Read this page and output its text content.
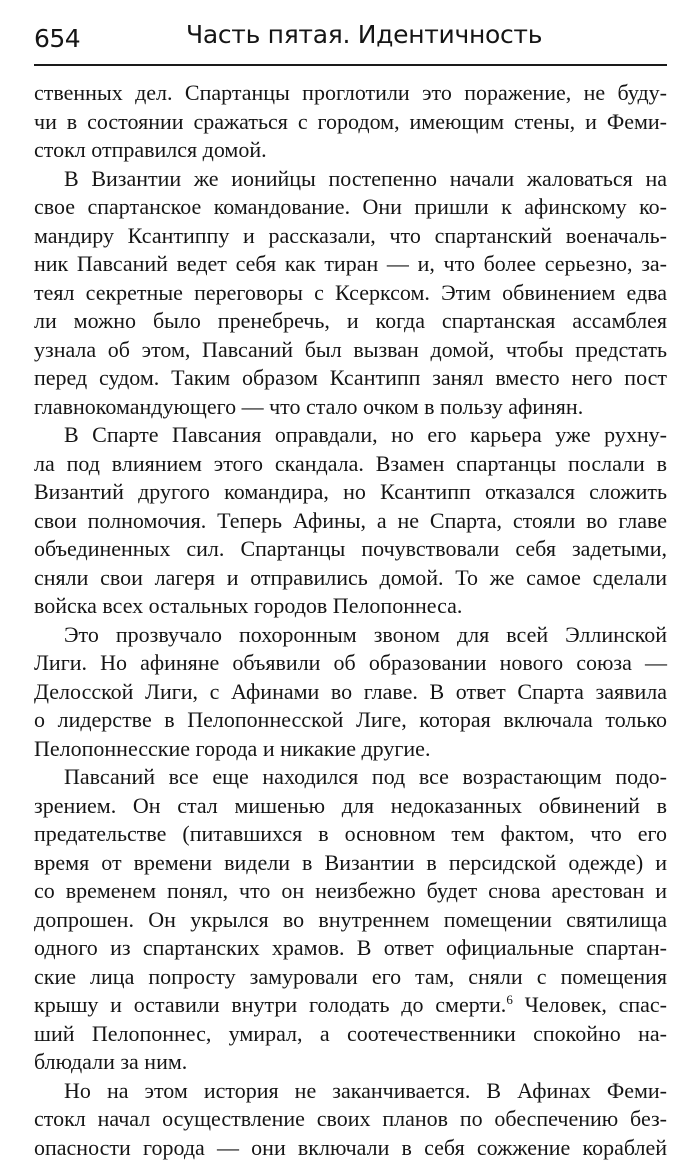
654	Часть пятая. Идентичность
ственных дел. Спартанцы проглотили это поражение, не буду-
чи в состоянии сражаться с городом, имеющим стены, и Феми-
стокл отправился домой.
В Византии же ионийцы постепенно начали жаловаться на
свое спартанское командование. Они пришли к афинскому ко-
мандиру Ксантиппу и рассказали, что спартанский военачаль-
ник Павсаний ведет себя как тиран — и, что более серьезно, за-
теял секретные переговоры с Ксерксом. Этим обвинением едва
ли можно было пренебречь, и когда спартанская ассамблея
узнала об этом, Павсаний был вызван домой, чтобы предстать
перед судом. Таким образом Ксантипп занял вместо него пост
главнокомандующего — что стало очком в пользу афинян.
В Спарте Павсания оправдали, но его карьера уже рухну-
ла под влиянием этого скандала. Взамен спартанцы послали в
Византий другого командира, но Ксантипп отказался сложить
свои полномочия. Теперь Афины, а не Спарта, стояли во главе
объединенных сил. Спартанцы почувствовали себя задетыми,
сняли свои лагеря и отправились домой. То же самое сделали
войска всех остальных городов Пелопоннеса.
Это прозвучало похоронным звоном для всей Эллинской
Лиги. Но афиняне объявили об образовании нового союза —
Делосской Лиги, с Афинами во главе. В ответ Спарта заявила
о лидерстве в Пелопоннесской Лиге, которая включала только
Пелопоннесские города и никакие другие.
Павсаний все еще находился под все возрастающим подо-
зрением. Он стал мишенью для недоказанных обвинений в
предательстве (питавшихся в основном тем фактом, что его
время от времени видели в Византии в персидской одежде) и
со временем понял, что он неизбежно будет снова арестован и
допрошен. Он укрылся во внутреннем помещении святилища
одного из спартанских храмов. В ответ официальные спартан-
ские лица попросту замуровали его там, сняли с помещения
крышу и оставили внутри голодать до смерти.$^6$ Человек, спас-
ший Пелопоннес, умирал, а соотечественники спокойно на-
блюдали за ним.
Но на этом история не заканчивается. В Афинах Феми-
стокл начал осуществление своих планов по обеспечению без-
опасности города — они включали в себя сожжение кораблей
